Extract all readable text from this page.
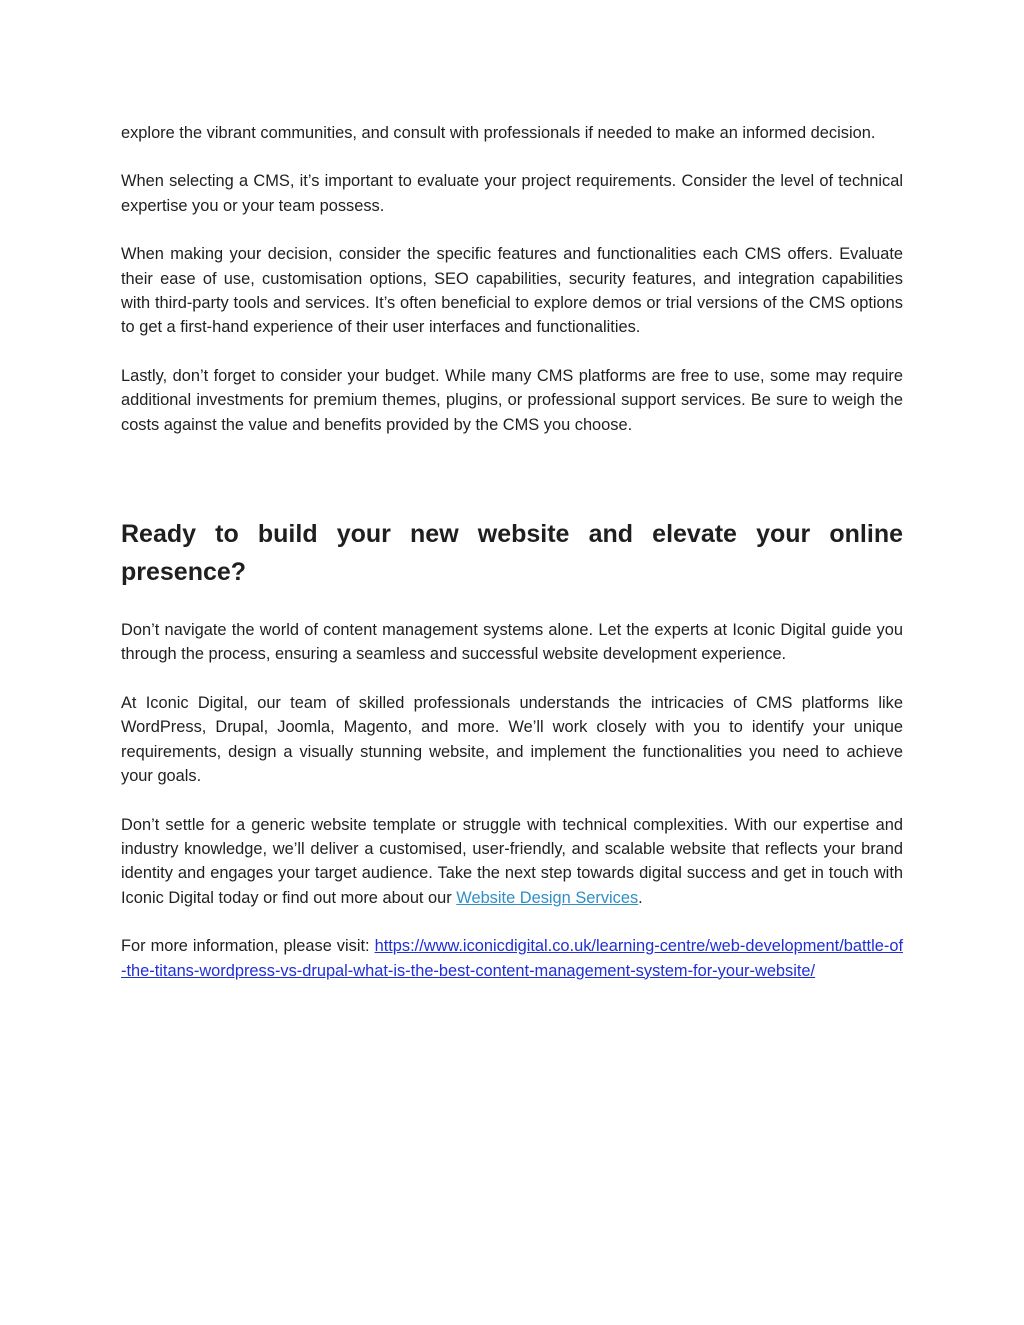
explore the vibrant communities, and consult with professionals if needed to make an informed decision.

When selecting a CMS, it’s important to evaluate your project requirements. Consider the level of technical expertise you or your team possess.

When making your decision, consider the specific features and functionalities each CMS offers. Evaluate their ease of use, customisation options, SEO capabilities, security features, and integration capabilities with third-party tools and services. It’s often beneficial to explore demos or trial versions of the CMS options to get a first-hand experience of their user interfaces and functionalities.

Lastly, don’t forget to consider your budget. While many CMS platforms are free to use, some may require additional investments for premium themes, plugins, or professional support services. Be sure to weigh the costs against the value and benefits provided by the CMS you choose.

Ready to build your new website and elevate your online presence?

Don’t navigate the world of content management systems alone. Let the experts at Iconic Digital guide you through the process, ensuring a seamless and successful website development experience.

At Iconic Digital, our team of skilled professionals understands the intricacies of CMS platforms like WordPress, Drupal, Joomla, Magento, and more. We’ll work closely with you to identify your unique requirements, design a visually stunning website, and implement the functionalities you need to achieve your goals.

Don’t settle for a generic website template or struggle with technical complexities. With our expertise and industry knowledge, we’ll deliver a customised, user-friendly, and scalable website that reflects your brand identity and engages your target audience. Take the next step towards digital success and get in touch with Iconic Digital today or find out more about our Website Design Services.

For more information, please visit: https://www.iconicdigital.co.uk/learning-centre/web-development/battle-of-the-titans-wordpress-vs-drupal-what-is-the-best-content-management-system-for-your-website/
